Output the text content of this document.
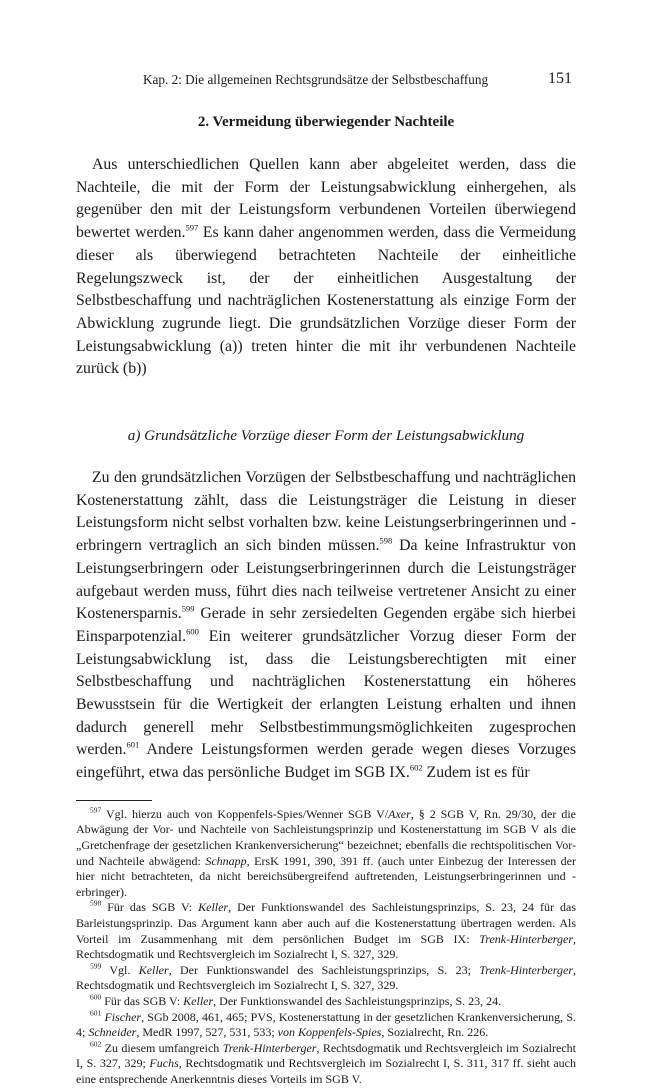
Kap. 2: Die allgemeinen Rechtsgrundsätze der Selbstbeschaffung	151
2. Vermeidung überwiegender Nachteile

Aus unterschiedlichen Quellen kann aber abgeleitet werden, dass die Nachteile, die mit der Form der Leistungsabwicklung einhergehen, als gegenüber den mit der Leistungsform verbundenen Vorteilen überwiegend bewertet werden.$^{597}$ Es kann daher angenommen werden, dass die Vermeidung dieser als überwiegend betrachteten Nachteile der einheitliche Regelungszweck ist, der der einheitlichen Ausgestaltung der Selbstbeschaffung und nachträglichen Kostenerstattung als einzige Form der Abwicklung zugrunde liegt. Die grundsätzlichen Vorzüge dieser Form der Leistungsabwicklung (a)) treten hinter die mit ihr verbundenen Nachteile zurück (b))

a) Grundsätzliche Vorzüge dieser Form der Leistungsabwicklung

Zu den grundsätzlichen Vorzügen der Selbstbeschaffung und nachträglichen Kostenerstattung zählt, dass die Leistungsträger die Leistung in dieser Leistungsform nicht selbst vorhalten bzw. keine Leistungserbringerinnen und -erbringern vertraglich an sich binden müssen.$^{598}$ Da keine Infrastruktur von Leistungserbringern oder Leistungserbringerinnen durch die Leistungsträger aufgebaut werden muss, führt dies nach teilweise vertretener Ansicht zu einer Kostenersparnis.$^{599}$ Gerade in sehr zersiedelten Gegenden ergäbe sich hierbei Einsparpotenzial.$^{600}$ Ein weiterer grundsätzlicher Vorzug dieser Form der Leistungsabwicklung ist, dass die Leistungsberechtigten mit einer Selbstbeschaffung und nachträglichen Kostenerstattung ein höheres Bewusstsein für die Wertigkeit der erlangten Leistung erhalten und ihnen dadurch generell mehr Selbstbestimmungsmöglichkeiten zugesprochen werden.$^{601}$ Andere Leistungsformen werden gerade wegen dieses Vorzuges eingeführt, etwa das persönliche Budget im SGB IX.$^{602}$ Zudem ist es für

$^{597}$ Vgl. hierzu auch von Koppenfels-Spies/Wenner SGB V/Axer, § 2 SGB V, Rn. 29/30, der die Abwägung der Vor- und Nachteile von Sachleistungsprinzip und Kostenerstattung im SGB V als die „Gretchenfrage der gesetzlichen Krankenversicherung“ bezeichnet; ebenfalls die rechtspolitischen Vor- und Nachteile abwägend: Schnapp, ErsK 1991, 390, 391 ff. (auch unter Einbezug der Interessen der hier nicht betrachteten, da nicht bereichsübergreifend auftretenden, Leistungserbringerinnen und -erbringer).
$^{598}$ Für das SGB V: Keller, Der Funktionswandel des Sachleistungsprinzips, S. 23, 24 für das Barleistungsprinzip. Das Argument kann aber auch auf die Kostenerstattung übertragen werden. Als Vorteil im Zusammenhang mit dem persönlichen Budget im SGB IX: Trenk-Hinterberger, Rechtsdogmatik und Rechtsvergleich im Sozialrecht I, S. 327, 329.
$^{599}$ Vgl. Keller, Der Funktionswandel des Sachleistungsprinzips, S. 23; Trenk-Hinterberger, Rechtsdogmatik und Rechtsvergleich im Sozialrecht I, S. 327, 329.
$^{600}$ Für das SGB V: Keller, Der Funktionswandel des Sachleistungsprinzips, S. 23, 24.
$^{601}$ Fischer, SGb 2008, 461, 465; PVS, Kostenerstattung in der gesetzlichen Krankenversicherung, S. 4; Schneider, MedR 1997, 527, 531, 533; von Koppenfels-Spies, Sozialrecht, Rn. 226.
$^{602}$ Zu diesem umfangreich Trenk-Hinterberger, Rechtsdogmatik und Rechtsvergleich im Sozialrecht I, S. 327, 329; Fuchs, Rechtsdogmatik und Rechtsvergleich im Sozialrecht I, S. 311, 317 ff. sieht auch eine entsprechende Anerkenntnis dieses Vorteils im SGB V.
